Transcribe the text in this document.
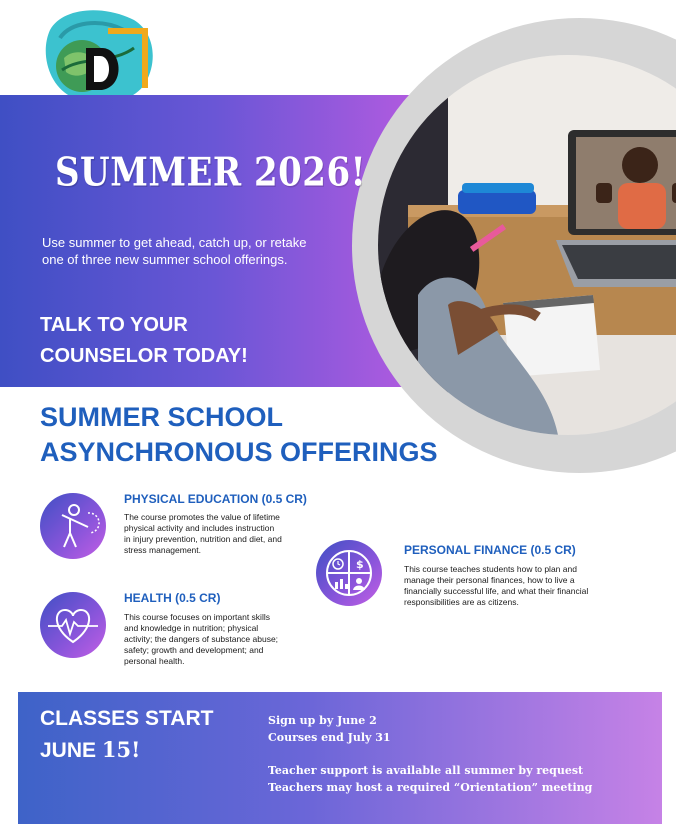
SUMMER 2026!
Use summer to get ahead, catch up, or retake one of three new summer school offerings.
TALK TO YOUR
COUNSELOR TODAY!
SUMMER SCHOOL
ASYNCHRONOUS OFFERINGS
PHYSICAL EDUCATION (0.5 CR)
The course promotes the value of lifetime
physical activity and includes instruction
in injury prevention, nutrition and diet, and
stress management.
HEALTH (0.5 CR)
This course focuses on important skills
and knowledge in nutrition; physical
activity; the dangers of substance abuse;
safety; growth and development; and
personal health.
$
PERSONAL FINANCE (0.5 CR)
This course teaches students how to plan and
manage their personal finances, how to live a
financially successful life, and what their financial
responsibilities are as citizens.
CLASSES START
JUNE 15!
Sign up by June 2
Courses end July 31
Teacher support is available all summer by request
Teachers may host a required “Orientation” meeting
